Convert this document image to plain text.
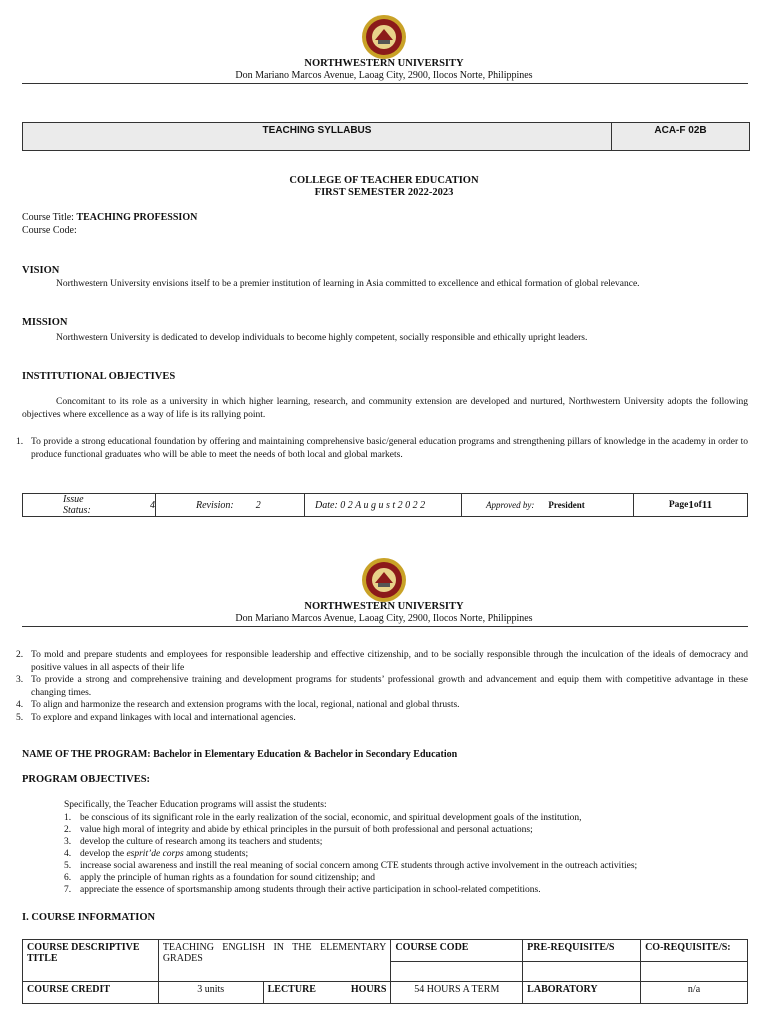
NORTHWESTERN UNIVERSITY
Don Mariano Marcos Avenue, Laoag City, 2900, Ilocos Norte, Philippines
TEACHING SYLLABUS	ACA-F 02B
COLLEGE OF TEACHER EDUCATION
FIRST SEMESTER 2022-2023
Course Title: TEACHING PROFESSION
Course Code:
VISION
Northwestern University envisions itself to be a premier institution of learning in Asia committed to excellence and ethical formation of global relevance.
MISSION
Northwestern University is dedicated to develop individuals to become highly competent, socially responsible and ethically upright leaders.
INSTITUTIONAL OBJECTIVES
Concomitant to its role as a university in which higher learning, research, and community extension are developed and nurtured, Northwestern University adopts the following objectives where excellence as a way of life is its rallying point.
1. To provide a strong educational foundation by offering and maintaining comprehensive basic/general education programs and strengthening pillars of knowledge in the academy in order to produce functional graduates who will be able to meet the needs of both local and global markets.
Issue Status:	4	Revision: 2	Date: 0 2 A u g u s t 2 0 2 2	Approved by: President	Page 1 of 11
NORTHWESTERN UNIVERSITY
Don Mariano Marcos Avenue, Laoag City, 2900, Ilocos Norte, Philippines
2. To mold and prepare students and employees for responsible leadership and effective citizenship, and to be socially responsible through the inculcation of the ideals of democracy and positive values in all aspects of their life
3. To provide a strong and comprehensive training and development programs for students’ professional growth and advancement and equip them with competitive advantage in these changing times.
4. To align and harmonize the research and extension programs with the local, regional, national and global thrusts.
5. To explore and expand linkages with local and international agencies.
NAME OF THE PROGRAM: Bachelor in Elementary Education & Bachelor in Secondary Education
PROGRAM OBJECTIVES:
Specifically, the Teacher Education programs will assist the students:
1. be conscious of its significant role in the early realization of the social, economic, and spiritual development goals of the institution,
2. value high moral of integrity and abide by ethical principles in the pursuit of both professional and personal actuations;
3. develop the culture of research among its teachers and students;
4. develop the esprit’de corps among students;
5. increase social awareness and instill the real meaning of social concern among CTE students through active involvement in the outreach activities;
6. apply the principle of human rights as a foundation for sound citizenship; and
7. appreciate the essence of sportsmanship among students through their active participation in school-related competitions.
I. COURSE INFORMATION
COURSE DESCRIPTIVE TITLE	TEACHING ENGLISH IN THE ELEMENTARY GRADES		COURSE CODE	PRE-REQUISITE/S	CO-REQUISITE/S:

COURSE CREDIT	3 units	LECTURE HOURS	54 HOURS A TERM	LABORATORY	n/a
